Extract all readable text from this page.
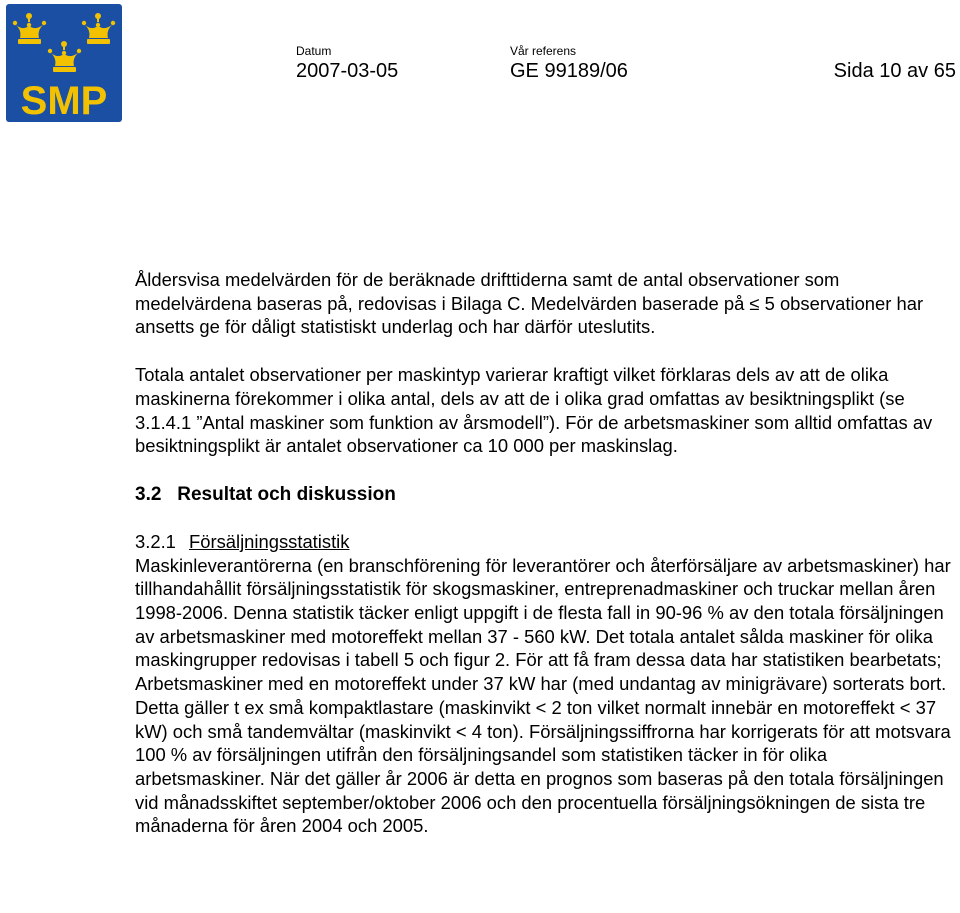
SMP
Datum
2007-03-05
Vår referens
GE 99189/06	Sida 10 av 65

Åldersvisa medelvärden för de beräknade drifttiderna samt de antal observationer som medelvärdena baseras på, redovisas i Bilaga C. Medelvärden baserade på ≤ 5 observationer har ansetts ge för dåligt statistiskt underlag och har därför uteslutits.

Totala antalet observationer per maskintyp varierar kraftigt vilket förklaras dels av att de olika maskinerna förekommer i olika antal, dels av att de i olika grad omfattas av besiktningsplikt (se 3.1.4.1 ”Antal maskiner som funktion av årsmodell”). För de arbetsmaskiner som alltid omfattas av besiktningsplikt är antalet observationer ca 10 000 per maskinslag.

3.2 Resultat och diskussion

3.2.1 Försäljningsstatistik

Maskinleverantörerna (en branschförening för leverantörer och återförsäljare av arbetsmaskiner) har tillhandahållit försäljningsstatistik för skogsmaskiner, entreprenadmaskiner och truckar mellan åren 1998-2006. Denna statistik täcker enligt uppgift i de flesta fall in 90-96 % av den totala försäljningen av arbetsmaskiner med motoreffekt mellan 37 - 560 kW. Det totala antalet sålda maskiner för olika maskingrupper redovisas i tabell 5 och figur 2. För att få fram dessa data har statistiken bearbetats; Arbetsmaskiner med en motoreffekt under 37 kW har (med undantag av minigrävare) sorterats bort. Detta gäller t ex små kompaktlastare (maskinvikt < 2 ton vilket normalt innebär en motoreffekt < 37 kW) och små tandemvältar (maskinvikt < 4 ton). Försäljningssiffrorna har korrigerats för att motsvara 100 % av försäljningen utifrån den försäljningsandel som statistiken täcker in för olika arbetsmaskiner. När det gäller år 2006 är detta en prognos som baseras på den totala försäljningen vid månadsskiftet september/oktober 2006 och den procentuella försäljningsökningen de sista tre månaderna för åren 2004 och 2005.
